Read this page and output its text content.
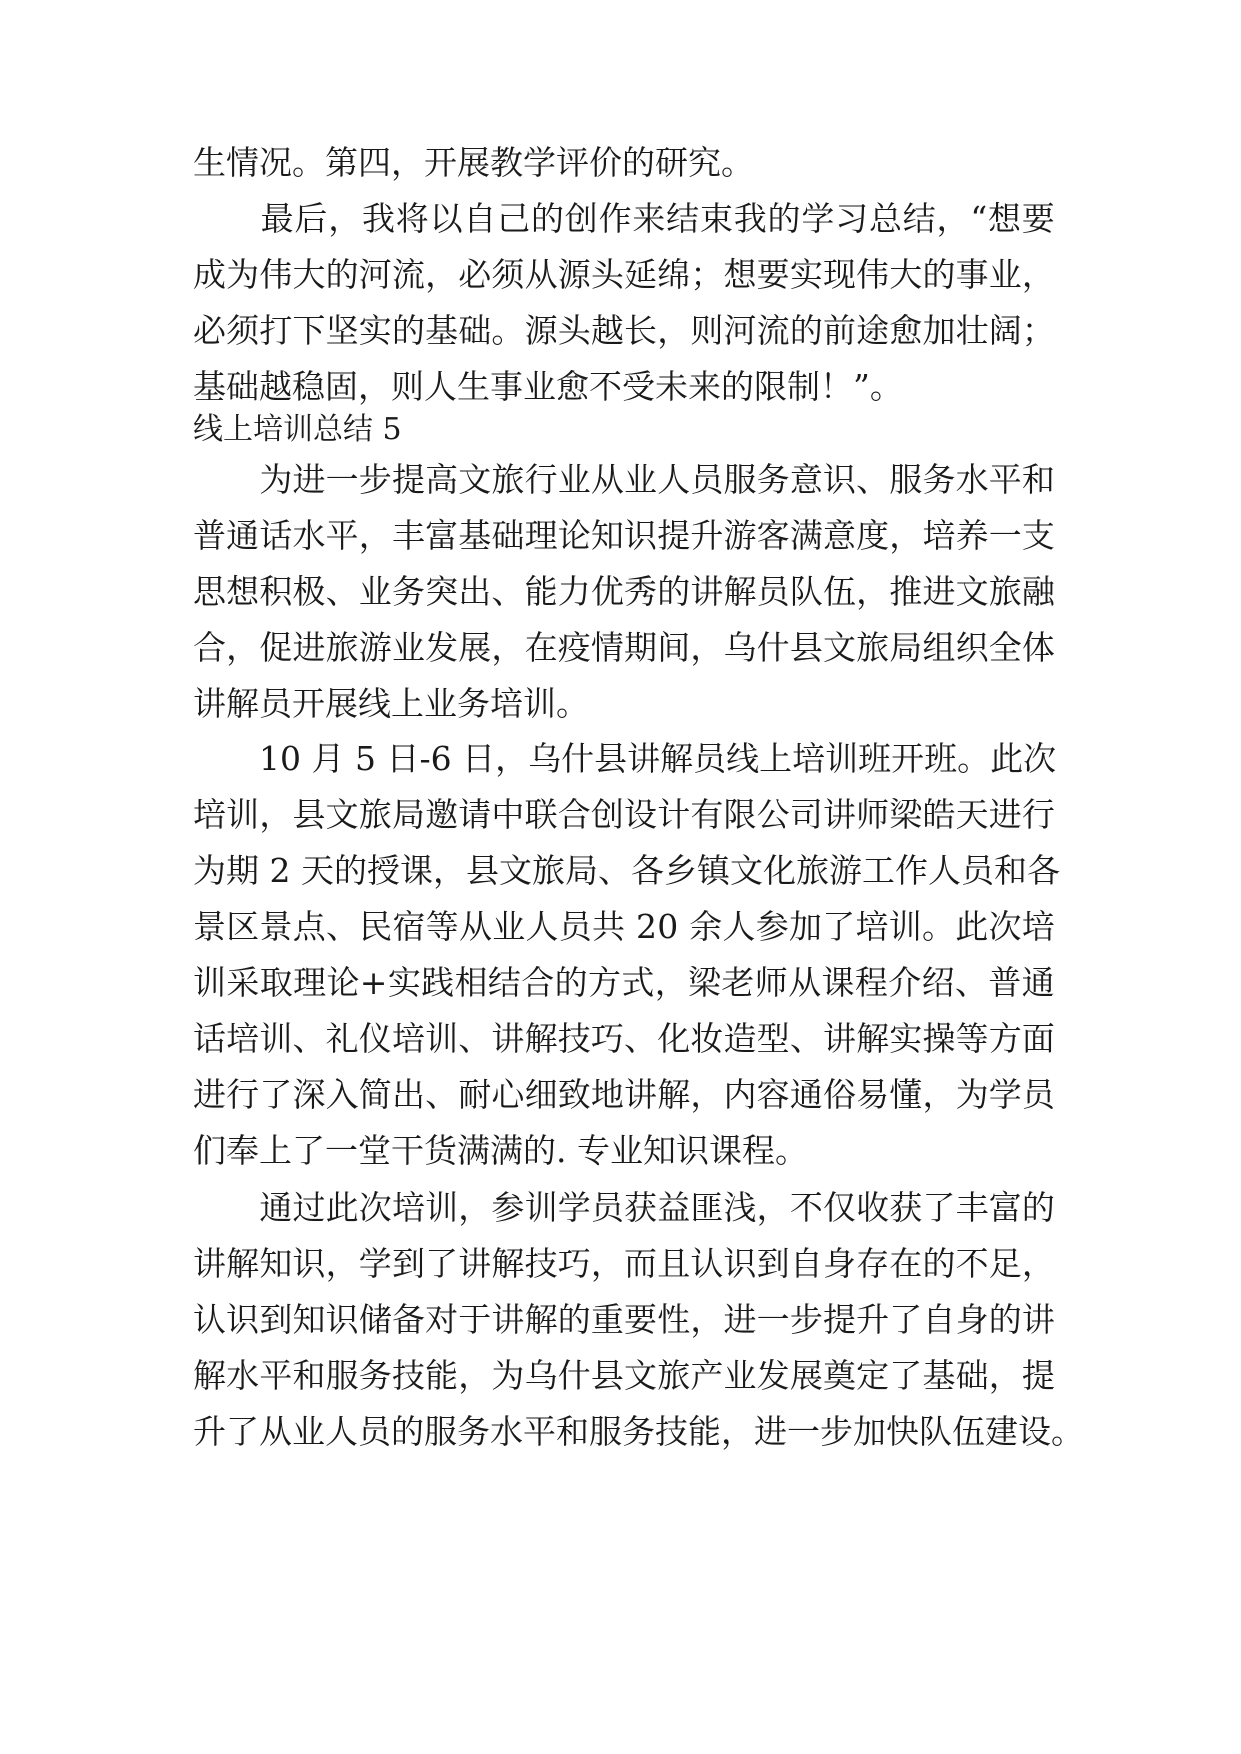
生情况。第四，开展教学评价的研究。

最 后 ， 我 将 以 自 己 的 创 作 来 结 束 我 的 学 习 总 结 ， “ 想 要

成 为 伟 大 的 河 流 ， 必 须 从 源 头 延 绵 ； 想 要 实 现 伟 大 的 事 业 ，

必 须 打 下 坚 实 的 基 础 。 源 头 越 长 ， 则 河 流 的 前 途 愈 加 壮 阔 ；

基础越稳固，则人生事业愈不受未来的限制！”。

线上培训总结 5

为 进 一 步 提 高 文 旅 行 业 从 业 人 员 服 务 意 识 、 服 务 水 平 和

普 通 话 水 平 ， 丰 富 基 础 理 论 知 识 提 升 游 客 满 意 度 ， 培 养 一 支

思 想 积 极 、 业 务 突 出 、 能 力 优 秀 的 讲 解 员 队 伍 ， 推 进 文 旅 融

合 ， 促 进 旅 游 业 发 展 ， 在 疫 情 期 间 ， 乌 什 县 文 旅 局 组 织 全 体

讲解员开展线上业务培训。

1 0
月
5
日 - 6
日 ， 乌 什 县 讲 解 员 线 上 培 训 班 开 班 。 此 次

培 训 ， 县 文 旅 局 邀 请 中 联 合 创 设 计 有 限 公 司 讲 师 梁 皓 天 进 行

为 期
2
天 的 授 课 ， 县 文 旅 局 、 各 乡 镇 文 化 旅 游 工 作 人 员 和 各

景 区 景 点 、 民 宿 等 从 业 人 员 共
2 0
余 人 参 加 了 培 训 。 此 次 培

训 采 取 理 论 + 实 践 相 结 合 的 方 式 ， 梁 老 师 从 课 程 介 绍 、 普 通

话 培 训 、 礼 仪 培 训 、 讲 解 技 巧 、 化 妆 造 型 、 讲 解 实 操 等 方 面

进 行 了 深 入 简 出 、 耐 心 细 致 地 讲 解 ， 内 容 通 俗 易 懂 ， 为 学 员

们奉上了一堂干货满满的. 专业知识课程。

通 过 此 次 培 训 ， 参 训 学 员 获 益 匪 浅 ， 不 仅 收 获 了 丰 富 的

讲 解 知 识 ， 学 到 了 讲 解 技 巧 ， 而 且 认 识 到 自 身 存 在 的 不 足 ，

认 识 到 知 识 储 备 对 于 讲 解 的 重 要 性 ， 进 一 步 提 升 了 自 身 的 讲

解 水 平 和 服 务 技 能 ， 为 乌 什 县 文 旅 产 业 发 展 奠 定 了 基 础 ， 提

升 了 从 业 人 员 的 服 务 水 平 和 服 务 技 能 ， 进 一 步 加 快 队 伍 建 设 。
